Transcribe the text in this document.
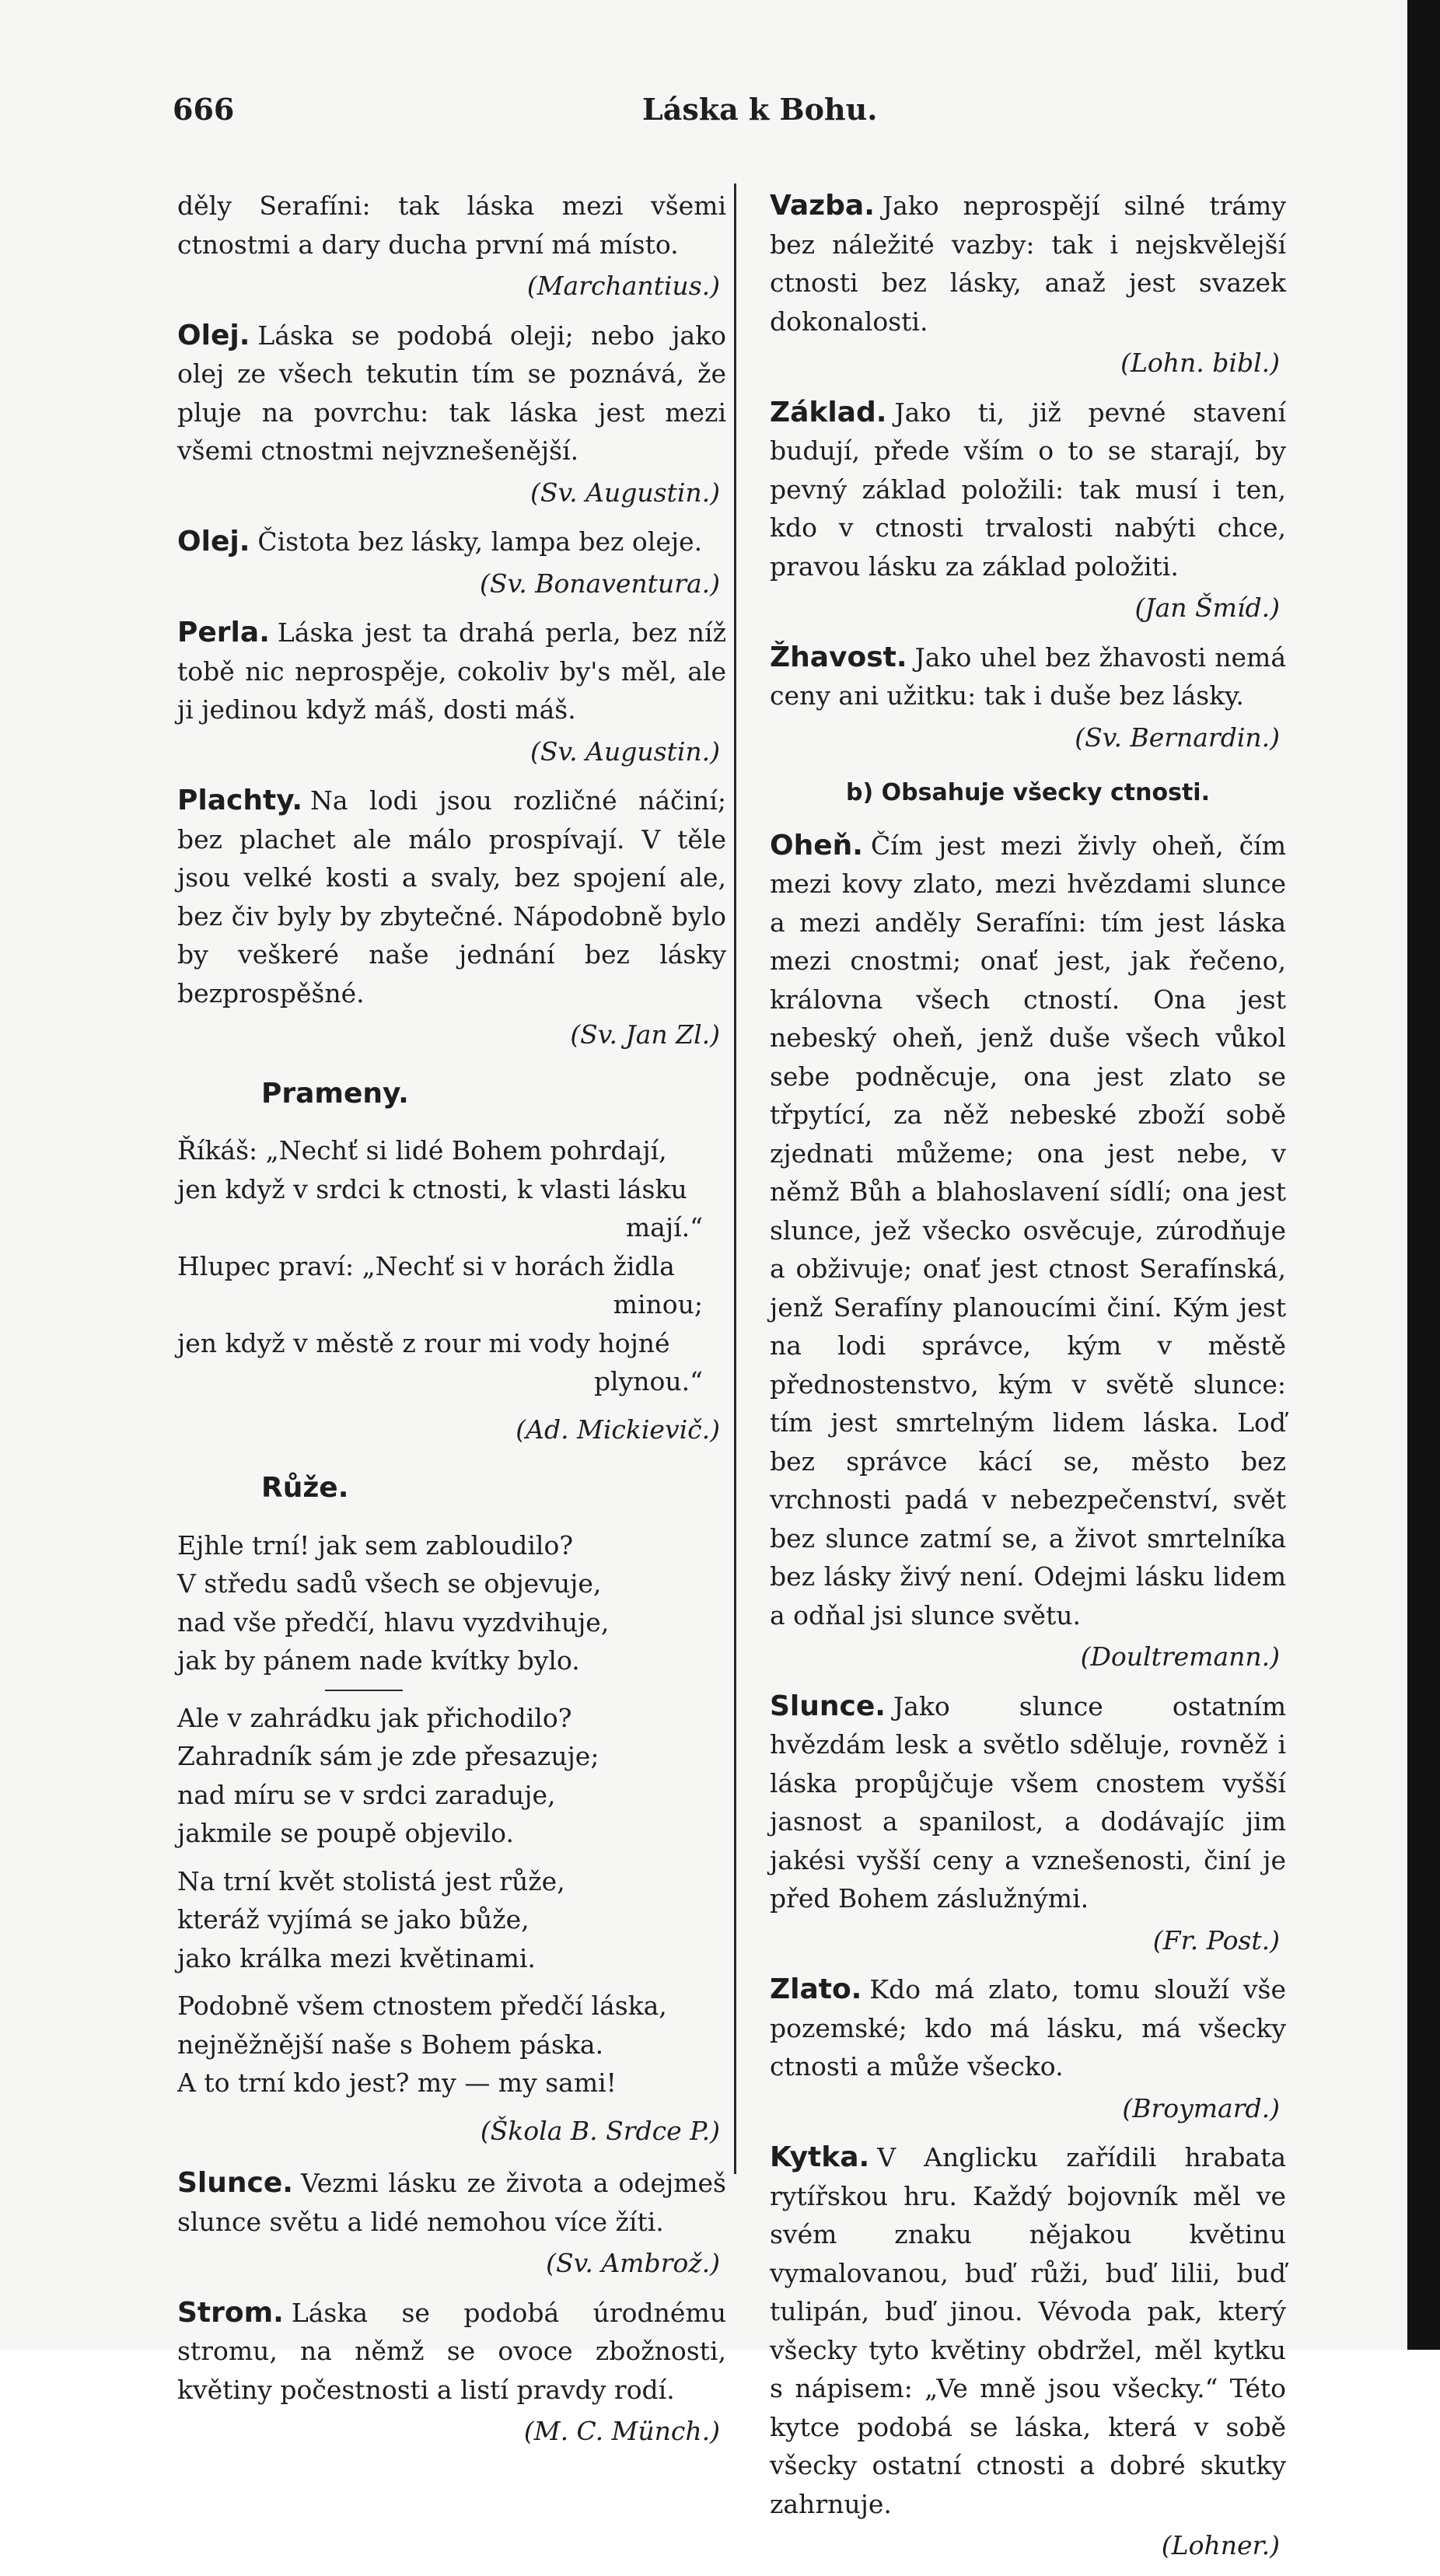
666	Láska k Bohu.

děly Serafíni: tak láska mezi všemi ctnostmi a dary ducha první má místo.

(Marchantius.)

Olej. Láska se podobá oleji; nebo jako olej ze všech tekutin tím se poznává, že pluje na povrchu: tak láska jest mezi všemi ctnostmi nejvznešenější.

(Sv. Augustin.)

Olej. Čistota bez lásky, lampa bez oleje.

(Sv. Bonaventura.)

Perla. Láska jest ta drahá perla, bez níž tobě nic neprospěje, cokoliv by's měl, ale ji jedinou když máš, dosti máš.

(Sv. Augustin.)

Plachty. Na lodi jsou rozličné náčiní; bez plachet ale málo prospívají. V těle jsou velké kosti a svaly, bez spojení ale, bez čiv byly by zbytečné. Nápodobně bylo by veškeré naše jednání bez lásky bezprospěšné.

(Sv. Jan Zl.)

Prameny.

Říkáš: „Nechť si lidé Bohem pohrdají,

jen když v srdci k ctnosti, k vlasti lásku

mají.“

Hlupec praví: „Nechť si v horách židla

minou;

jen když v městě z rour mi vody hojné

plynou.“

(Ad. Mickievič.)

Růže.

Ejhle trní! jak sem zabloudilo?

V středu sadů všech se objevuje,

nad vše předčí, hlavu vyzdvihuje,

jak by pánem nade kvítky bylo.

Ale v zahrádku jak přichodilo?

Zahradník sám je zde přesazuje;

nad míru se v srdci zaraduje,

jakmile se poupě objevilo.

Na trní květ stolistá jest růže,

kteráž vyjímá se jako bůže,

jako králka mezi květinami.

Podobně všem ctnostem předčí láska,

nejněžnější naše s Bohem páska.

A to trní kdo jest? my — my sami!

(Škola B. Srdce P.)

Slunce. Vezmi lásku ze života a odejmeš slunce světu a lidé nemohou více žíti.

(Sv. Ambrož.)

Strom. Láska se podobá úrodnému stromu, na němž se ovoce zbožnosti, květiny počestnosti a listí pravdy rodí.

(M. C. Münch.)

Vazba. Jako neprospějí silné trámy bez náležité vazby: tak i nejskvělejší ctnosti bez lásky, anaž jest svazek dokonalosti.

(Lohn. bibl.)

Základ. Jako ti, již pevné stavení budují, přede vším o to se starají, by pevný základ položili: tak musí i ten, kdo v ctnosti trvalosti nabýti chce, pravou lásku za základ položiti.

(Jan Šmíd.)

Žhavost. Jako uhel bez žhavosti nemá ceny ani užitku: tak i duše bez lásky.

(Sv. Bernardin.)

b) Obsahuje všecky ctnosti.

Oheň. Čím jest mezi živly oheň, čím mezi kovy zlato, mezi hvězdami slunce a mezi anděly Serafíni: tím jest láska mezi cnostmi; onať jest, jak řečeno, královna všech ctností. Ona jest nebeský oheň, jenž duše všech vůkol sebe podněcuje, ona jest zlato se třpytící, za něž nebeské zboží sobě zjednati můžeme; ona jest nebe, v němž Bůh a blahoslavení sídlí; ona jest slunce, jež všecko osvěcuje, zúrodňuje a obživuje; onať jest ctnost Serafínská, jenž Serafíny planoucími činí. Kým jest na lodi správce, kým v městě přednostenstvo, kým v světě slunce: tím jest smrtelným lidem láska. Loď bez správce kácí se, město bez vrchnosti padá v nebezpečenství, svět bez slunce zatmí se, a život smrtelníka bez lásky živý není. Odejmi lásku lidem a odňal jsi slunce světu.

(Doultremann.)

Slunce. Jako slunce ostatním hvězdám lesk a světlo sděluje, rovněž i láska propůjčuje všem cnostem vyšší jasnost a spanilost, a dodávajíc jim jakési vyšší ceny a vznešenosti, činí je před Bohem záslužnými.

(Fr. Post.)

Zlato. Kdo má zlato, tomu slouží vše pozemské; kdo má lásku, má všecky ctnosti a může všecko.

(Broymard.)

Kytka. V Anglicku zařídili hrabata rytířskou hru. Každý bojovník měl ve svém znaku nějakou květinu vymalovanou, buď růži, buď lilii, buď tulipán, buď jinou. Vévoda pak, který všecky tyto květiny obdržel, měl kytku s nápisem: „Ve mně jsou všecky.“ Této kytce podobá se láska, která v sobě všecky ostatní ctnosti a dobré skutky zahrnuje.

(Lohner.)
